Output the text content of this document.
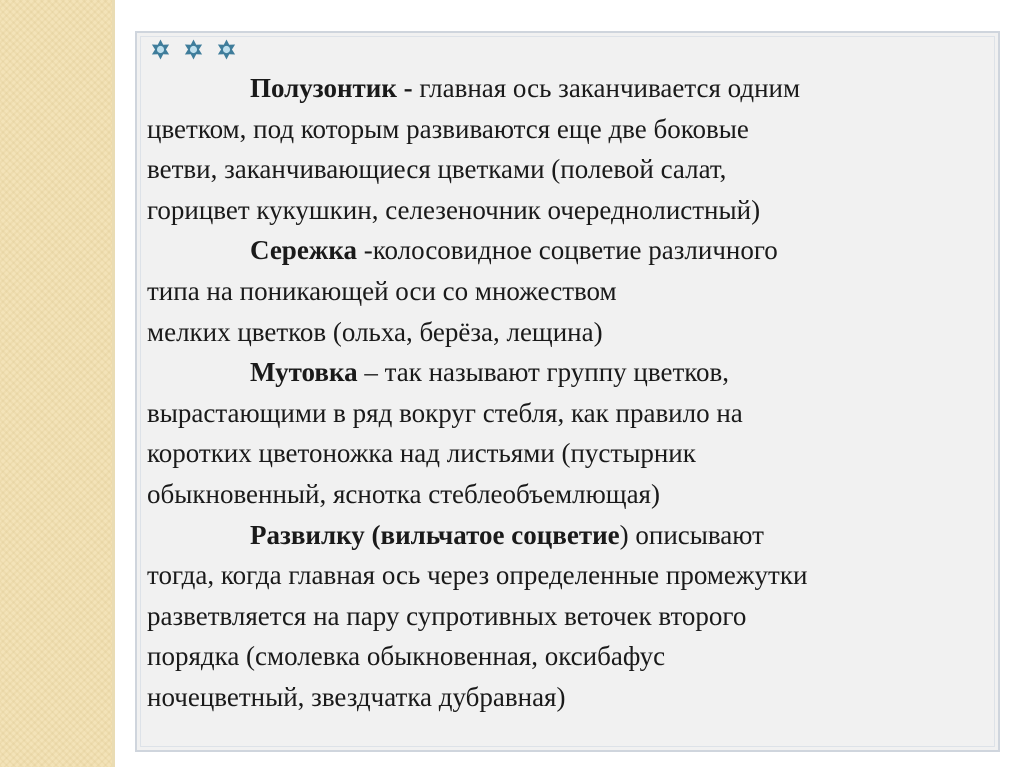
Полузонтик - главная ось заканчивается одним
цветком, под которым развиваются еще две боковые
ветви, заканчивающиеся цветками (полевой салат,
горицвет кукушкин, селезеночник очереднолистный)
Сережка -колосовидное соцветие различного
типа на поникающей оси со множеством
мелких цветков (ольха, берёза, лещина)
Мутовка – так называют группу цветков,
вырастающими в ряд вокруг стебля, как правило на
коротких цветоножка над листьями (пустырник
обыкновенный, яснотка стеблеобъемлющая)
Развилку (вильчатое соцветие) описывают
тогда, когда главная ось через определенные промежутки
разветвляется на пару супротивных веточек второго
порядка (смолевка обыкновенная, оксибафус
ночецветный, звездчатка дубравная)
